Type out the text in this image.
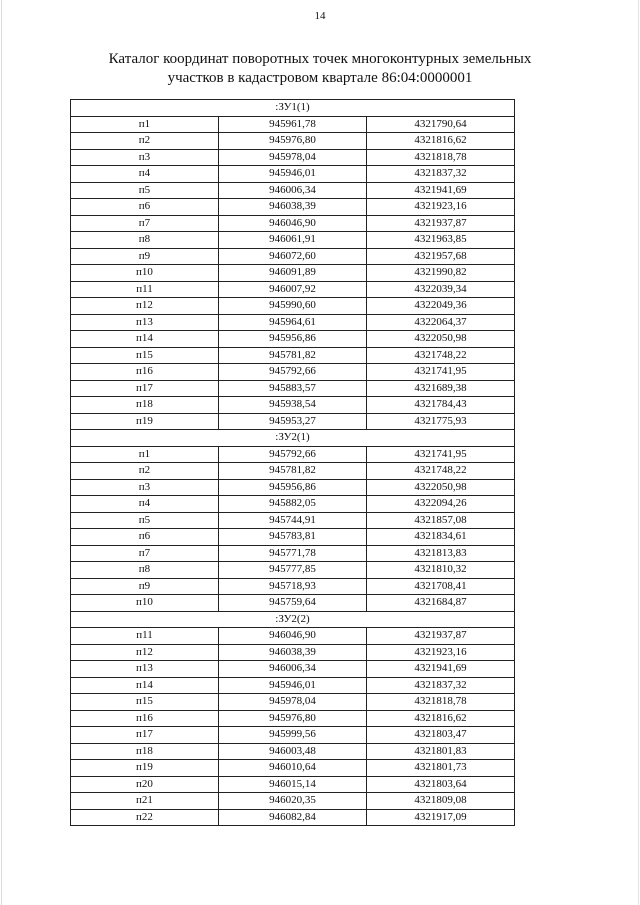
14
Каталог координат поворотных точек многоконтурных земельных
участков в кадастровом квартале 86:04:0000001
:ЗУ1(1)		
п1	945961,78	4321790,64
п2	945976,80	4321816,62
п3	945978,04	4321818,78
п4	945946,01	4321837,32
п5	946006,34	4321941,69
п6	946038,39	4321923,16
п7	946046,90	4321937,87
п8	946061,91	4321963,85
п9	946072,60	4321957,68
п10	946091,89	4321990,82
п11	946007,92	4322039,34
п12	945990,60	4322049,36
п13	945964,61	4322064,37
п14	945956,86	4322050,98
п15	945781,82	4321748,22
п16	945792,66	4321741,95
п17	945883,57	4321689,38
п18	945938,54	4321784,43
п19	945953,27	4321775,93
:ЗУ2(1)		
п1	945792,66	4321741,95
п2	945781,82	4321748,22
п3	945956,86	4322050,98
п4	945882,05	4322094,26
п5	945744,91	4321857,08
п6	945783,81	4321834,61
п7	945771,78	4321813,83
п8	945777,85	4321810,32
п9	945718,93	4321708,41
п10	945759,64	4321684,87
:ЗУ2(2)		
п11	946046,90	4321937,87
п12	946038,39	4321923,16
п13	946006,34	4321941,69
п14	945946,01	4321837,32
п15	945978,04	4321818,78
п16	945976,80	4321816,62
п17	945999,56	4321803,47
п18	946003,48	4321801,83
п19	946010,64	4321801,73
п20	946015,14	4321803,64
п21	946020,35	4321809,08
п22	946082,84	4321917,09
